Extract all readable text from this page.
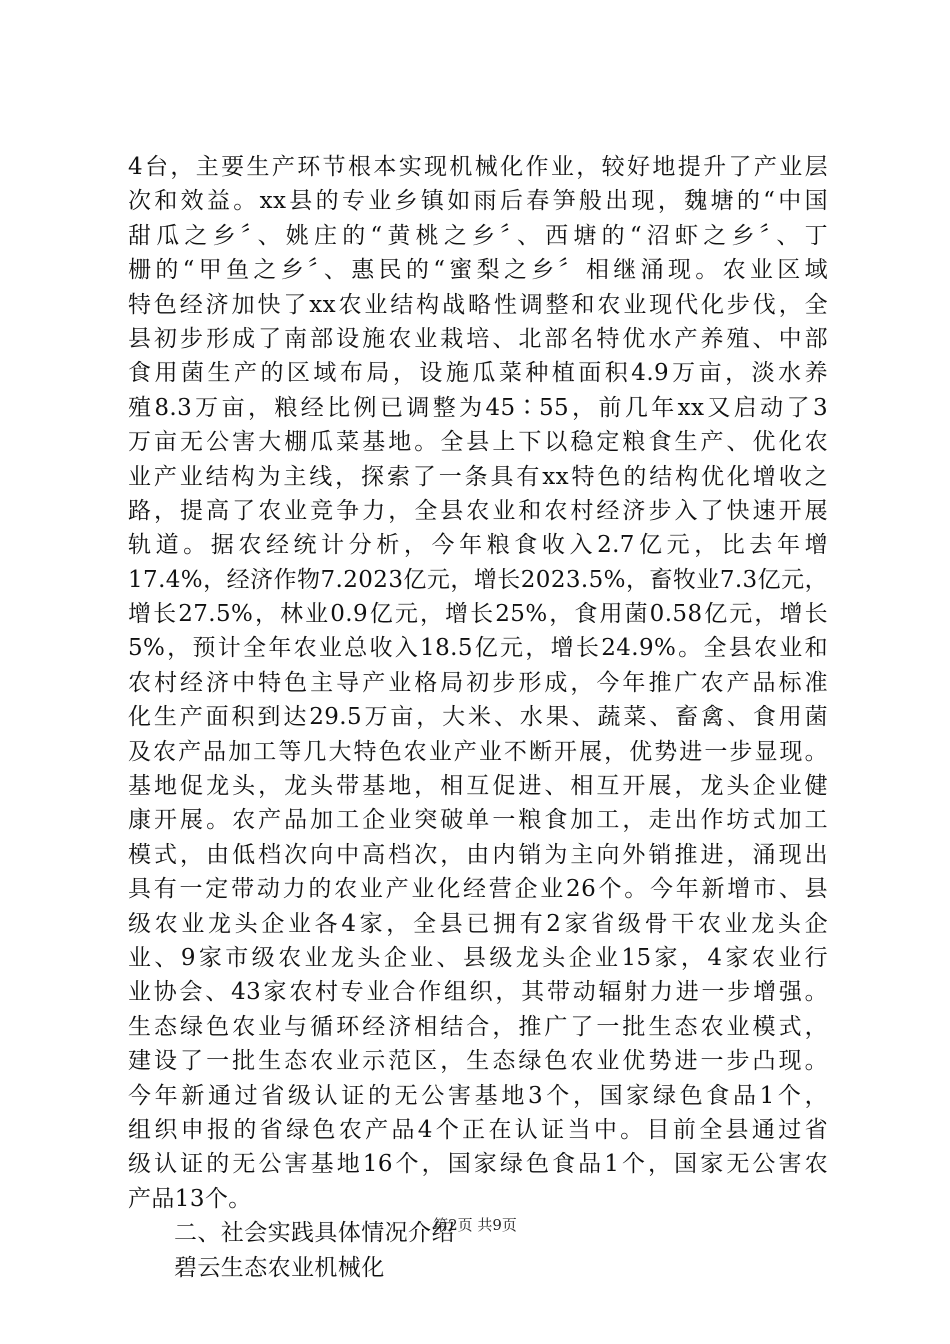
4台，主要生产环节根本实现机械化作业，较好地提升了产业层
次和效益。xx县的专业乡镇如雨后春笋般出现，魏塘的“中国
甜瓜之乡〞、姚庄的“黄桃之乡〞、西塘的“沼虾之乡〞、丁
栅的“甲鱼之乡〞、惠民的“蜜梨之乡〞相继涌现。农业区域
特色经济加快了xx农业结构战略性调整和农业现代化步伐，全
县初步形成了南部设施农业栽培、北部名特优水产养殖、中部
食用菌生产的区域布局，设施瓜菜种植面积4.9万亩，淡水养
殖8.3万亩，粮经比例已调整为45∶55，前几年xx又启动了3
万亩无公害大棚瓜菜基地。全县上下以稳定粮食生产、优化农
业产业结构为主线，探索了一条具有xx特色的结构优化增收之
路，提高了农业竞争力，全县农业和农村经济步入了快速开展
轨道。据农经统计分析，今年粮食收入2.7亿元，比去年增
17.4%，经济作物7.2023亿元，增长2023.5%，畜牧业7.3亿元，
增长27.5%，林业0.9亿元，增长25%，食用菌0.58亿元，增长
5%，预计全年农业总收入18.5亿元，增长24.9%。全县农业和
农村经济中特色主导产业格局初步形成，今年推广农产品标准
化生产面积到达29.5万亩，大米、水果、蔬菜、畜禽、食用菌
及农产品加工等几大特色农业产业不断开展，优势进一步显现。
基地促龙头，龙头带基地，相互促进、相互开展，龙头企业健
康开展。农产品加工企业突破单一粮食加工，走出作坊式加工
模式，由低档次向中高档次，由内销为主向外销推进，涌现出
具有一定带动力的农业产业化经营企业26个。今年新增市、县
级农业龙头企业各4家，全县已拥有2家省级骨干农业龙头企
业、9家市级农业龙头企业、县级龙头企业15家，4家农业行
业协会、43家农村专业合作组织，其带动辐射力进一步增强。
生态绿色农业与循环经济相结合，推广了一批生态农业模式，
建设了一批生态农业示范区，生态绿色农业优势进一步凸现。
今年新通过省级认证的无公害基地3个，国家绿色食品1个，
组织申报的省绿色农产品4个正在认证当中。目前全县通过省
级认证的无公害基地16个，国家绿色食品1个，国家无公害农
产品13个。
二、社会实践具体情况介绍
碧云生态农业机械化
第2页 共9页
